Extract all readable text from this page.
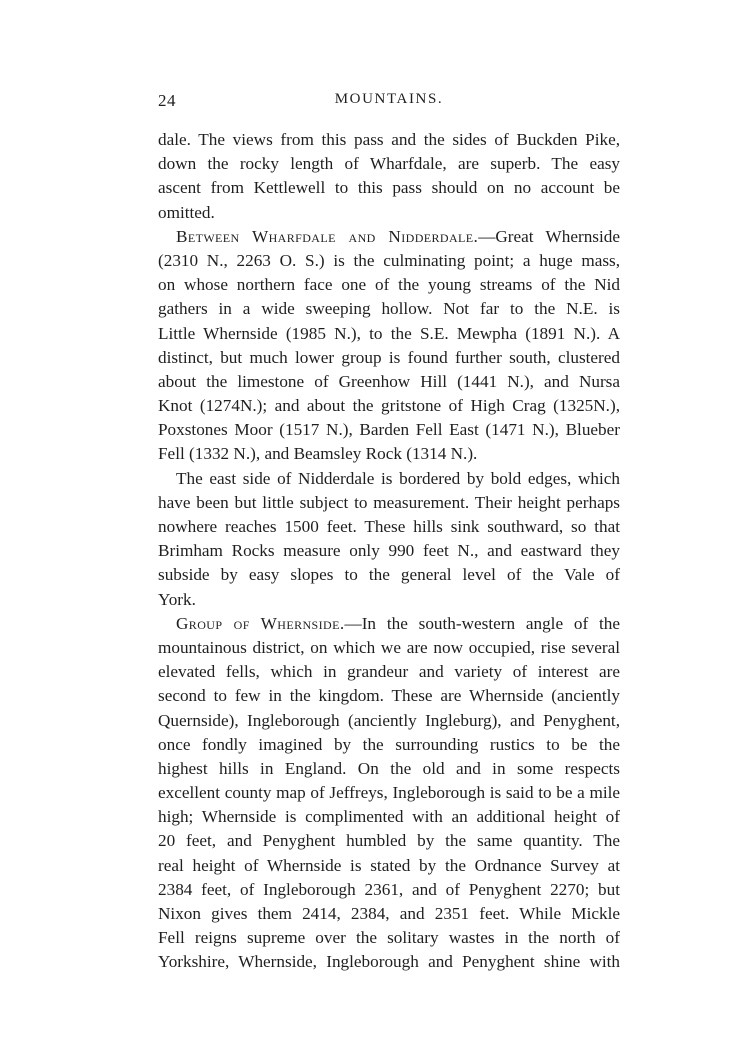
24	MOUNTAINS.
dale. The views from this pass and the sides of Buckden Pike,
down the rocky length of Wharfdale, are superb. The easy
ascent from Kettlewell to this pass should on no account be
omitted.
Between Wharfdale and Nidderdale.—Great Whernside
(2310 N., 2263 O. S.) is the culminating point; a huge mass,
on whose northern face one of the young streams of the Nid
gathers in a wide sweeping hollow. Not far to the N.E. is
Little Whernside (1985 N.), to the S.E. Mewpha (1891 N.). A
distinct, but much lower group is found further south, clustered
about the limestone of Greenhow Hill (1441 N.), and Nursa
Knot (1274N.); and about the gritstone of High Crag (1325N.),
Poxstones Moor (1517 N.), Barden Fell East (1471 N.), Blueber
Fell (1332 N.), and Beamsley Rock (1314 N.).
The east side of Nidderdale is bordered by bold edges, which
have been but little subject to measurement. Their height perhaps
nowhere reaches 1500 feet. These hills sink southward, so that
Brimham Rocks measure only 990 feet N., and eastward they
subside by easy slopes to the general level of the Vale of
York.
Group of Whernside.—In the south-western angle of the
mountainous district, on which we are now occupied, rise several
elevated fells, which in grandeur and variety of interest are
second to few in the kingdom. These are Whernside (anciently
Quernside), Ingleborough (anciently Ingleburg), and Penyghent,
once fondly imagined by the surrounding rustics to be the
highest hills in England. On the old and in some respects
excellent county map of Jeffreys, Ingleborough is said to be a mile
high; Whernside is complimented with an additional height of
20 feet, and Penyghent humbled by the same quantity. The
real height of Whernside is stated by the Ordnance Survey at
2384 feet, of Ingleborough 2361, and of Penyghent 2270; but
Nixon gives them 2414, 2384, and 2351 feet. While Mickle
Fell reigns supreme over the solitary wastes in the north of
Yorkshire, Whernside, Ingleborough and Penyghent shine with
